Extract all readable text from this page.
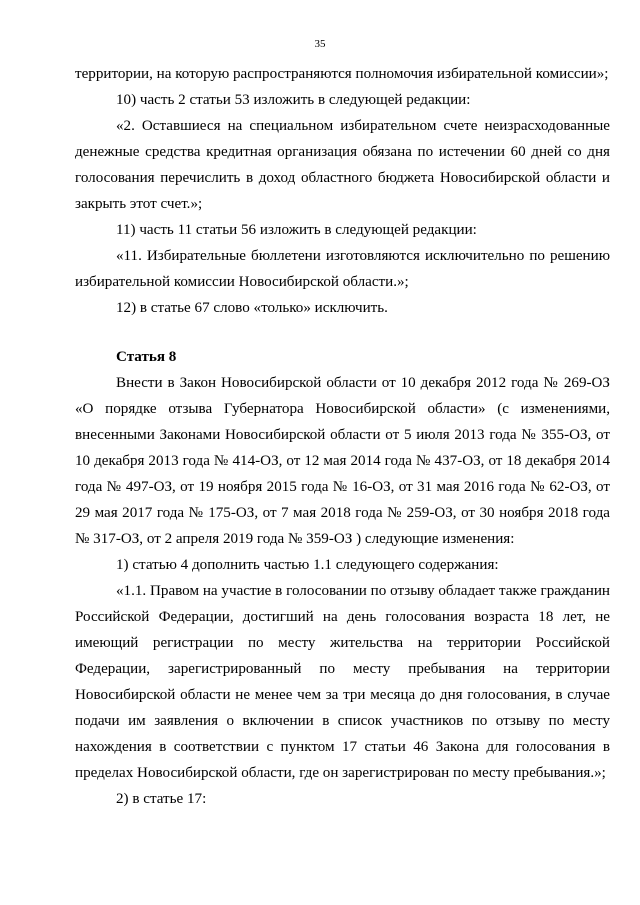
35

территории, на которую распространяются полномочия избирательной комиссии»;

10) часть 2 статьи 53 изложить в следующей редакции:

«2. Оставшиеся на специальном избирательном счете неизрасходованные денежные средства кредитная организация обязана по истечении 60 дней со дня голосования перечислить в доход областного бюджета Новосибирской области и закрыть этот счет.»;

11) часть 11 статьи 56 изложить в следующей редакции:

«11. Избирательные бюллетени изготовляются исключительно по решению избирательной комиссии Новосибирской области.»;

12) в статье 67 слово «только» исключить.

Статья 8

Внести в Закон Новосибирской области от 10 декабря 2012 года № 269-ОЗ «О порядке отзыва Губернатора Новосибирской области» (с изменениями, внесенными Законами Новосибирской области от 5 июля 2013 года № 355-ОЗ, от 10 декабря 2013 года № 414-ОЗ, от 12 мая 2014 года № 437-ОЗ, от 18 декабря 2014 года № 497-ОЗ, от 19 ноября 2015 года № 16-ОЗ, от 31 мая 2016 года № 62-ОЗ, от 29 мая 2017 года № 175-ОЗ, от 7 мая 2018 года № 259-ОЗ, от 30 ноября 2018 года № 317-ОЗ, от 2 апреля 2019 года № 359-ОЗ ) следующие изменения:

1) статью 4 дополнить частью 1.1 следующего содержания:

«1.1. Правом на участие в голосовании по отзыву обладает также гражданин Российской Федерации, достигший на день голосования возраста 18 лет, не имеющий регистрации по месту жительства на территории Российской Федерации, зарегистрированный по месту пребывания на территории Новосибирской области не менее чем за три месяца до дня голосования, в случае подачи им заявления о включении в список участников по отзыву по месту нахождения в соответствии с пунктом 17 статьи 46 Закона для голосования в пределах Новосибирской области, где он зарегистрирован по месту пребывания.»;

2) в статье 17:
